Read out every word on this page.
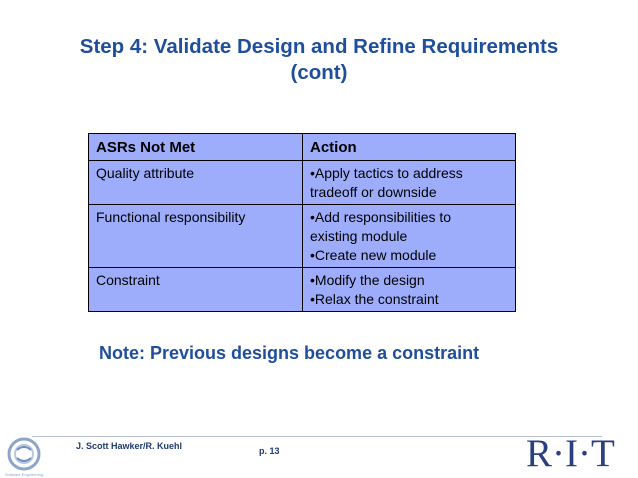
Step 4: Validate Design and Refine Requirements
(cont)
ASRs Not Met	Action
Quality attribute	•Apply tactics to address
tradeoff or downside

Functional responsibility	•Add responsibilities to
existing module
•Create new module

Constraint	•Modify the design
•Relax the constraint
Note: Previous designs become a constraint
Software Engineering
J. Scott Hawker/R. Kuehl	p. 13	R·I·T
